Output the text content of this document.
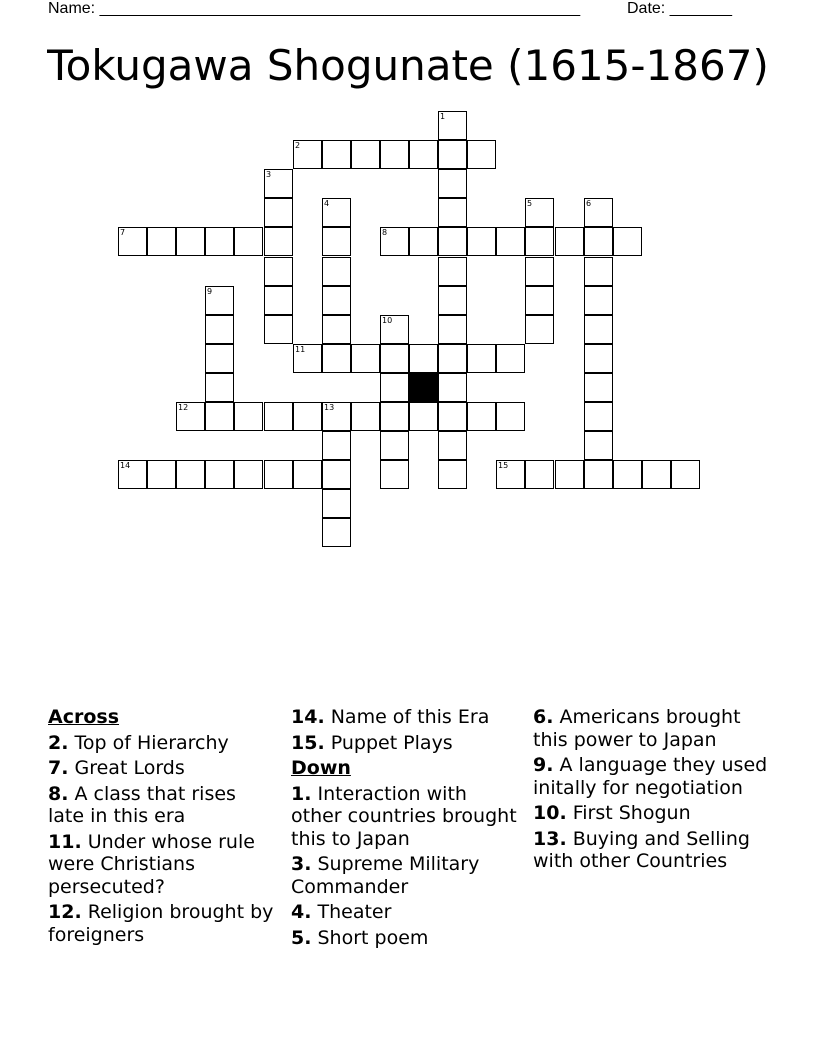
Name: ______________________________________________________	Date: _______
Tokugawa Shogunate (1615-1867)
1
2
3
4	5	6
7	8
9
10
11
12	13
14	15
Across
2. Top of Hierarchy
7. Great Lords
8. A class that rises late in this era
11. Under whose rule were Christians persecuted?
12. Religion brought by foreigners
14. Name of this Era
15. Puppet Plays
Down
1. Interaction with other countries brought this to Japan
3. Supreme Military Commander
4. Theater
5. Short poem
6. Americans brought this power to Japan
9. A language they used initally for negotiation
10. First Shogun
13. Buying and Selling with other Countries
